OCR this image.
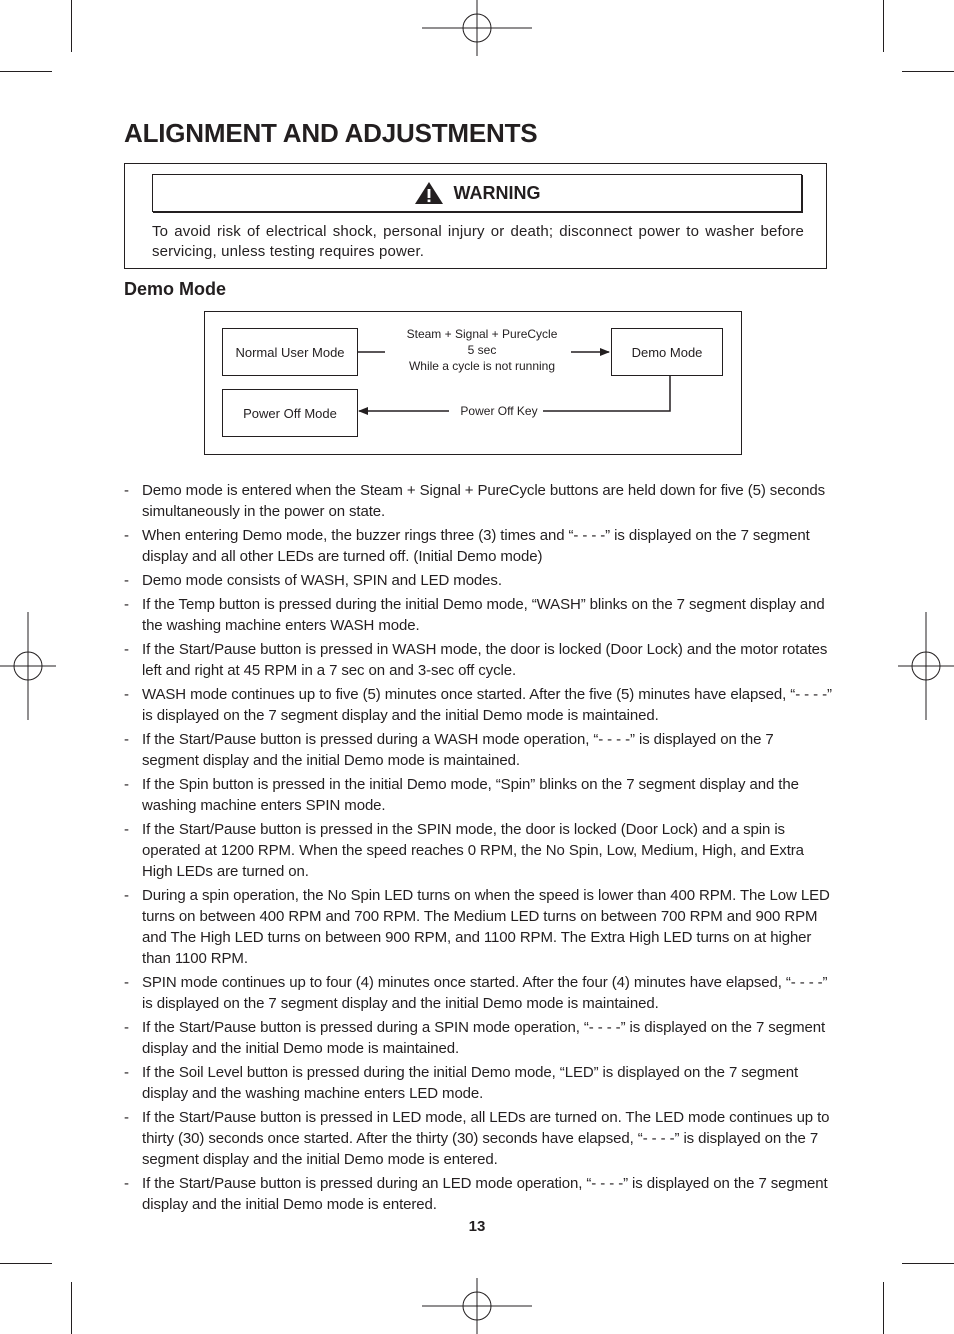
ALIGNMENT AND ADJUSTMENTS
WARNING
To avoid risk of electrical shock, personal injury or death; disconnect power to washer before servicing, unless testing requires power.
Demo Mode
Normal User Mode	Demo Mode
Power Off Mode
Steam + Signal + PureCycle
5 sec
While a cycle is not running
Power Off Key
- Demo mode is entered when the Steam + Signal + PureCycle buttons are held down for five (5) seconds simultaneously in the power on state.
- When entering Demo mode, the buzzer rings three (3) times and “- - - -” is displayed on the 7 segment display and all other LEDs are turned off. (Initial Demo mode)
- Demo mode consists of WASH, SPIN and LED modes.
- If the Temp button is pressed during the initial Demo mode, “WASH” blinks on the 7 segment display and the washing machine enters WASH mode.
- If the Start/Pause button is pressed in WASH mode, the door is locked (Door Lock) and the motor rotates left and right at 45 RPM in a 7 sec on and 3-sec off cycle.
- WASH mode continues up to five (5) minutes once started. After the five (5) minutes have elapsed, “- - - -” is displayed on the 7 segment display and the initial Demo mode is maintained.
- If the Start/Pause button is pressed during a WASH mode operation, “- - - -” is displayed on the 7 segment display and the initial Demo mode is maintained.
- If the Spin button is pressed in the initial Demo mode, “Spin” blinks on the 7 segment display and the washing machine enters SPIN mode.
- If the Start/Pause button is pressed in the SPIN mode, the door is locked (Door Lock) and a spin is operated at 1200 RPM. When the speed reaches 0 RPM, the No Spin, Low, Medium, High, and Extra High LEDs are turned on.
- During a spin operation, the No Spin LED turns on when the speed is lower than 400 RPM. The Low LED turns on between 400 RPM and 700 RPM. The Medium LED turns on between 700 RPM and 900 RPM and The High LED turns on between 900 RPM, and 1100 RPM. The Extra High LED turns on at higher than 1100 RPM.
- SPIN mode continues up to four (4) minutes once started. After the four (4) minutes have elapsed, “- - - -” is displayed on the 7 segment display and the initial Demo mode is maintained.
- If the Start/Pause button is pressed during a SPIN mode operation, “- - - -” is displayed on the 7 segment display and the initial Demo mode is maintained.
- If the Soil Level button is pressed during the initial Demo mode, “LED” is displayed on the 7 segment display and the washing machine enters LED mode.
- If the Start/Pause button is pressed in LED mode, all LEDs are turned on. The LED mode continues up to thirty (30) seconds once started. After the thirty (30) seconds have elapsed, “- - - -” is displayed on the 7 segment display and the initial Demo mode is entered.
- If the Start/Pause button is pressed during an LED mode operation, “- - - -” is displayed on the 7 segment display and the initial Demo mode is entered.
13
